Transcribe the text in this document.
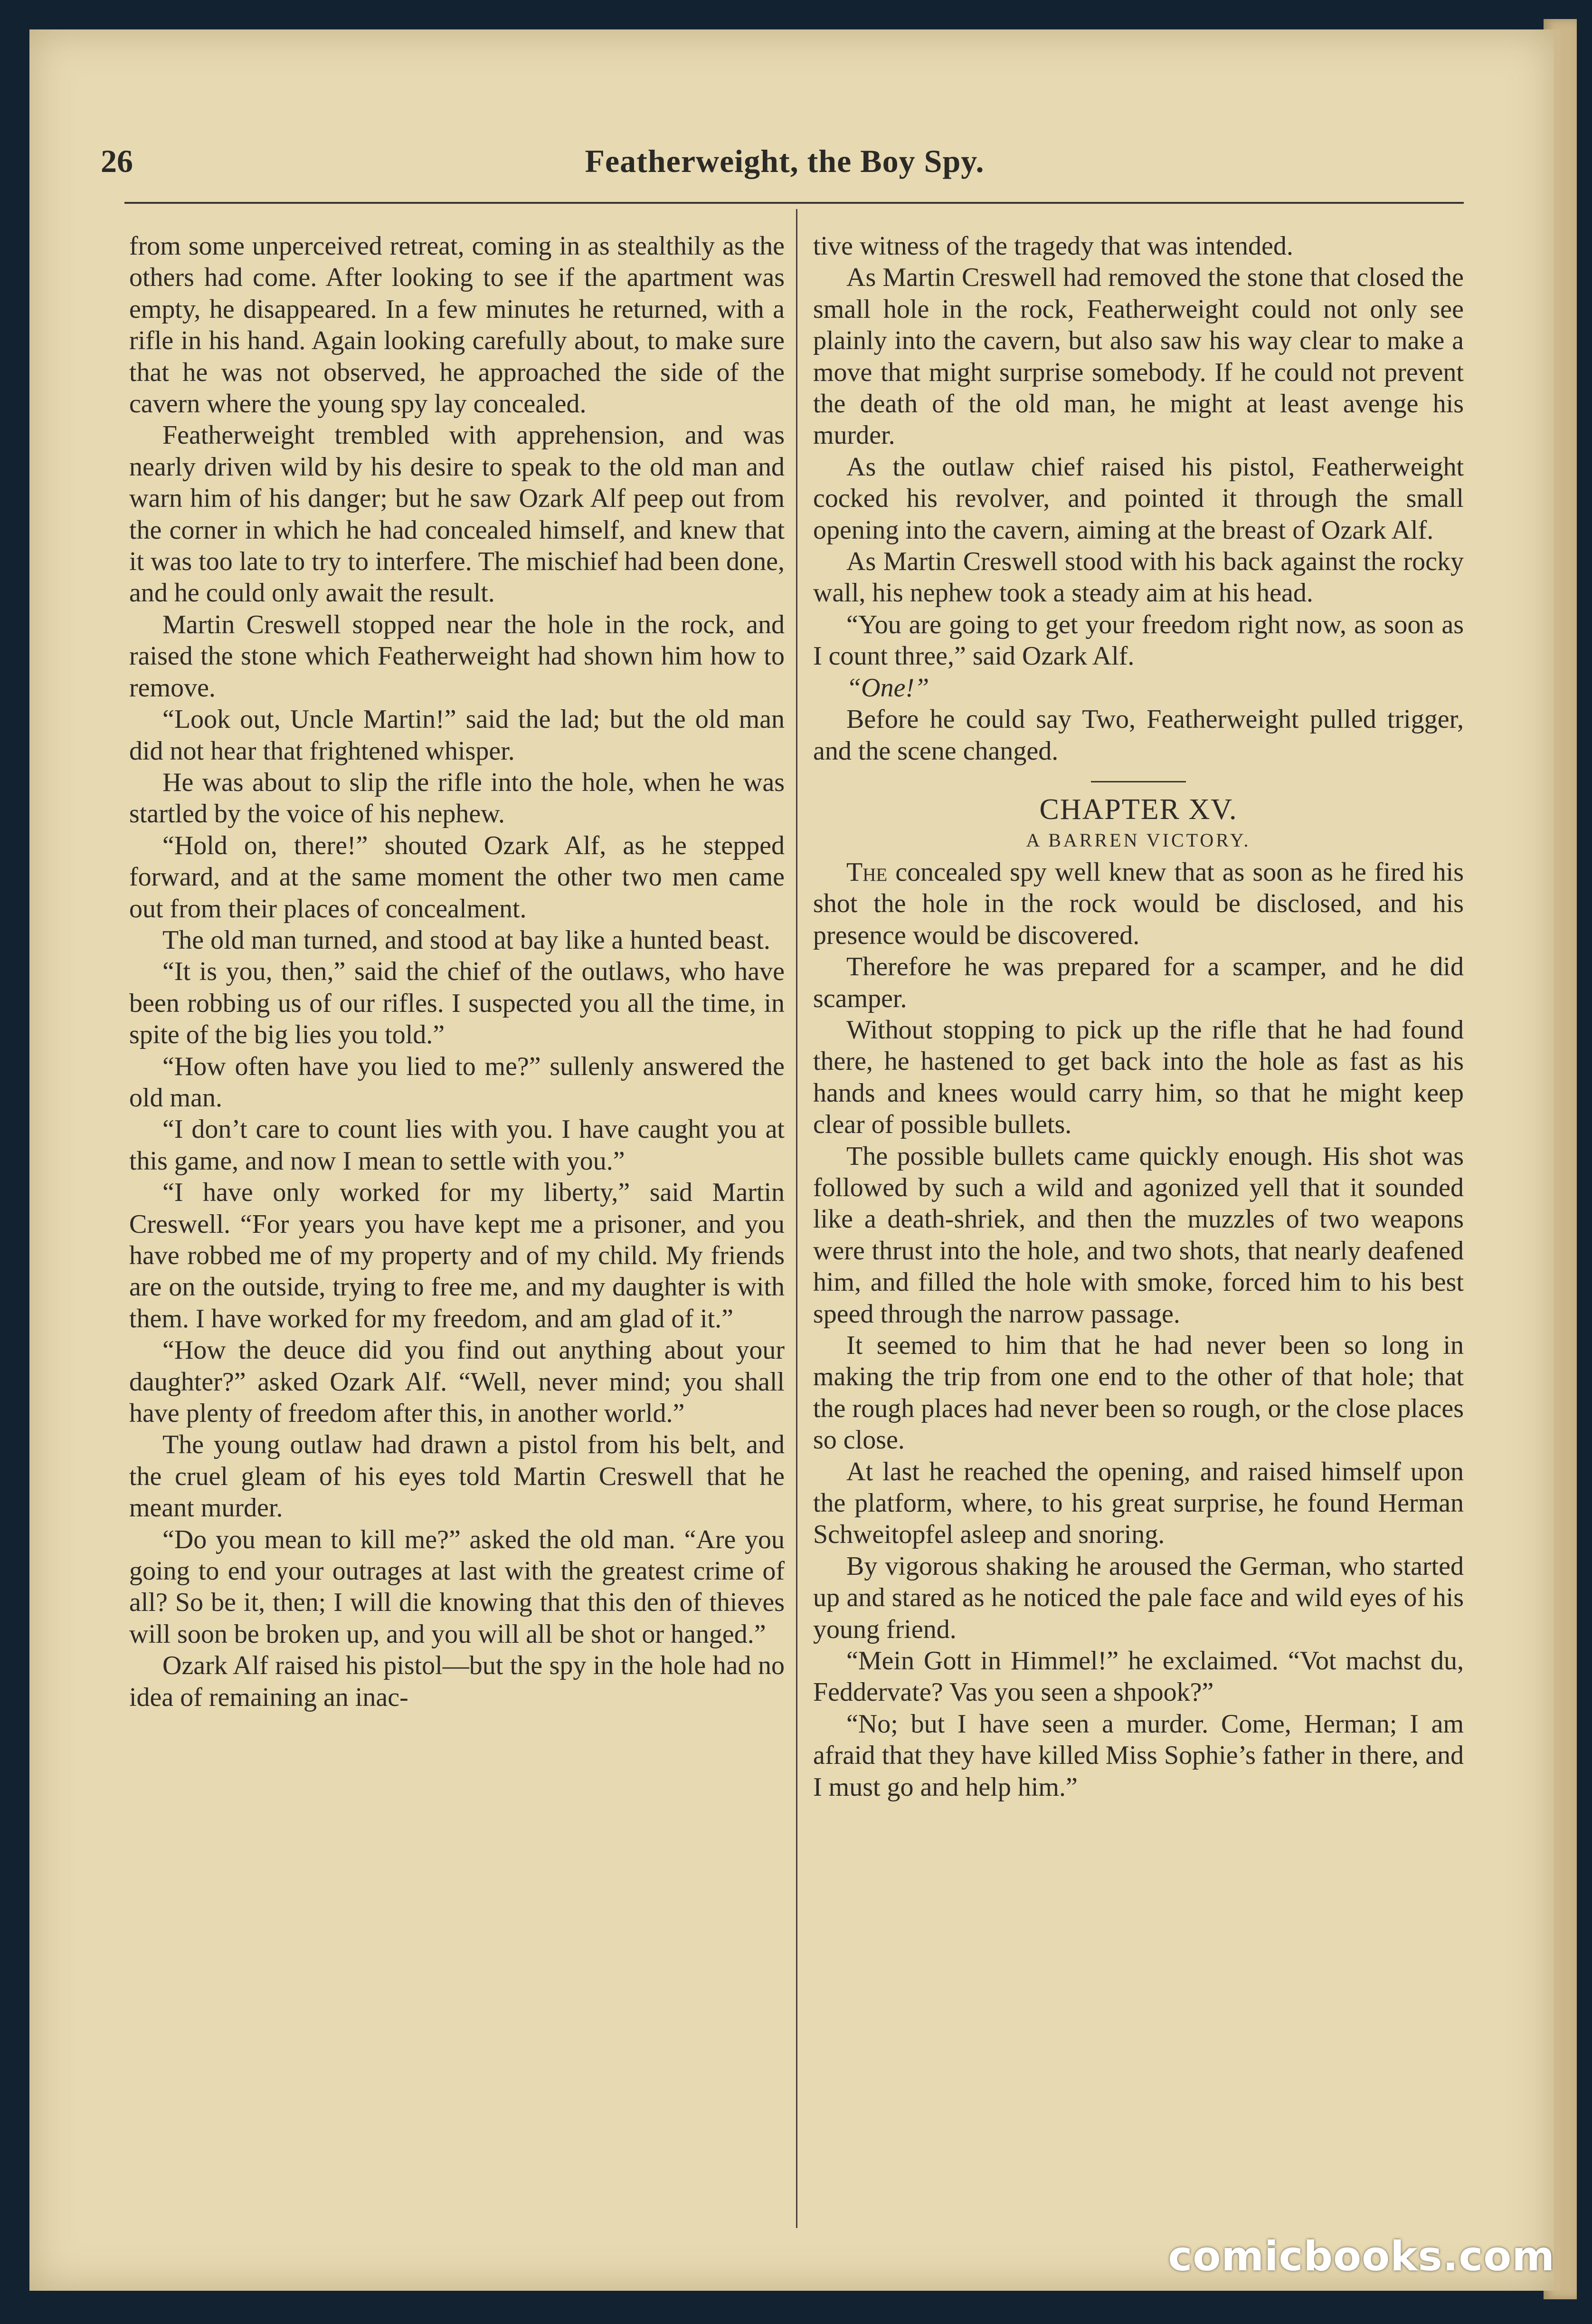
26	Featherweight, the Boy Spy.

from some unperceived retreat, coming in as stealthily as the others had come. After looking to see if the apartment was empty, he disappeared. In a few minutes he returned, with a rifle in his hand. Again looking carefully about, to make sure that he was not observed, he approached the side of the cavern where the young spy lay concealed.

Featherweight trembled with apprehension, and was nearly driven wild by his desire to speak to the old man and warn him of his danger; but he saw Ozark Alf peep out from the corner in which he had concealed himself, and knew that it was too late to try to interfere. The mischief had been done, and he could only await the result.

Martin Creswell stopped near the hole in the rock, and raised the stone which Featherweight had shown him how to remove.

“Look out, Uncle Martin!” said the lad; but the old man did not hear that frightened whisper.

He was about to slip the rifle into the hole, when he was startled by the voice of his nephew.

“Hold on, there!” shouted Ozark Alf, as he stepped forward, and at the same moment the other two men came out from their places of concealment.

The old man turned, and stood at bay like a hunted beast.

“It is you, then,” said the chief of the outlaws, who have been robbing us of our rifles. I suspected you all the time, in spite of the big lies you told.”

“How often have you lied to me?” sullenly answered the old man.

“I don’t care to count lies with you. I have caught you at this game, and now I mean to settle with you.”

“I have only worked for my liberty,” said Martin Creswell. “For years you have kept me a prisoner, and you have robbed me of my property and of my child. My friends are on the outside, trying to free me, and my daughter is with them. I have worked for my freedom, and am glad of it.”

“How the deuce did you find out anything about your daughter?” asked Ozark Alf. “Well, never mind; you shall have plenty of freedom after this, in another world.”

The young outlaw had drawn a pistol from his belt, and the cruel gleam of his eyes told Martin Creswell that he meant murder.

“Do you mean to kill me?” asked the old man. “Are you going to end your outrages at last with the greatest crime of all? So be it, then; I will die knowing that this den of thieves will soon be broken up, and you will all be shot or hanged.”

Ozark Alf raised his pistol—but the spy in the hole had no idea of remaining an inac-

tive witness of the tragedy that was intended.

As Martin Creswell had removed the stone that closed the small hole in the rock, Featherweight could not only see plainly into the cavern, but also saw his way clear to make a move that might surprise somebody. If he could not prevent the death of the old man, he might at least avenge his murder.

As the outlaw chief raised his pistol, Featherweight cocked his revolver, and pointed it through the small opening into the cavern, aiming at the breast of Ozark Alf.

As Martin Creswell stood with his back against the rocky wall, his nephew took a steady aim at his head.

“You are going to get your freedom right now, as soon as I count three,” said Ozark Alf.

“One!”

Before he could say Two, Featherweight pulled trigger, and the scene changed.

CHAPTER XV.
A BARREN VICTORY.

The concealed spy well knew that as soon as he fired his shot the hole in the rock would be disclosed, and his presence would be discovered.

Therefore he was prepared for a scamper, and he did scamper.

Without stopping to pick up the rifle that he had found there, he hastened to get back into the hole as fast as his hands and knees would carry him, so that he might keep clear of possible bullets.

The possible bullets came quickly enough. His shot was followed by such a wild and agonized yell that it sounded like a death-shriek, and then the muzzles of two weapons were thrust into the hole, and two shots, that nearly deafened him, and filled the hole with smoke, forced him to his best speed through the narrow passage.

It seemed to him that he had never been so long in making the trip from one end to the other of that hole; that the rough places had never been so rough, or the close places so close.

At last he reached the opening, and raised himself upon the platform, where, to his great surprise, he found Herman Schweitopfel asleep and snoring.

By vigorous shaking he aroused the German, who started up and stared as he noticed the pale face and wild eyes of his young friend.

“Mein Gott in Himmel!” he exclaimed. “Vot machst du, Feddervate? Vas you seen a shpook?”

“No; but I have seen a murder. Come, Herman; I am afraid that they have killed Miss Sophie’s father in there, and I must go and help him.”

comicbooks.com
